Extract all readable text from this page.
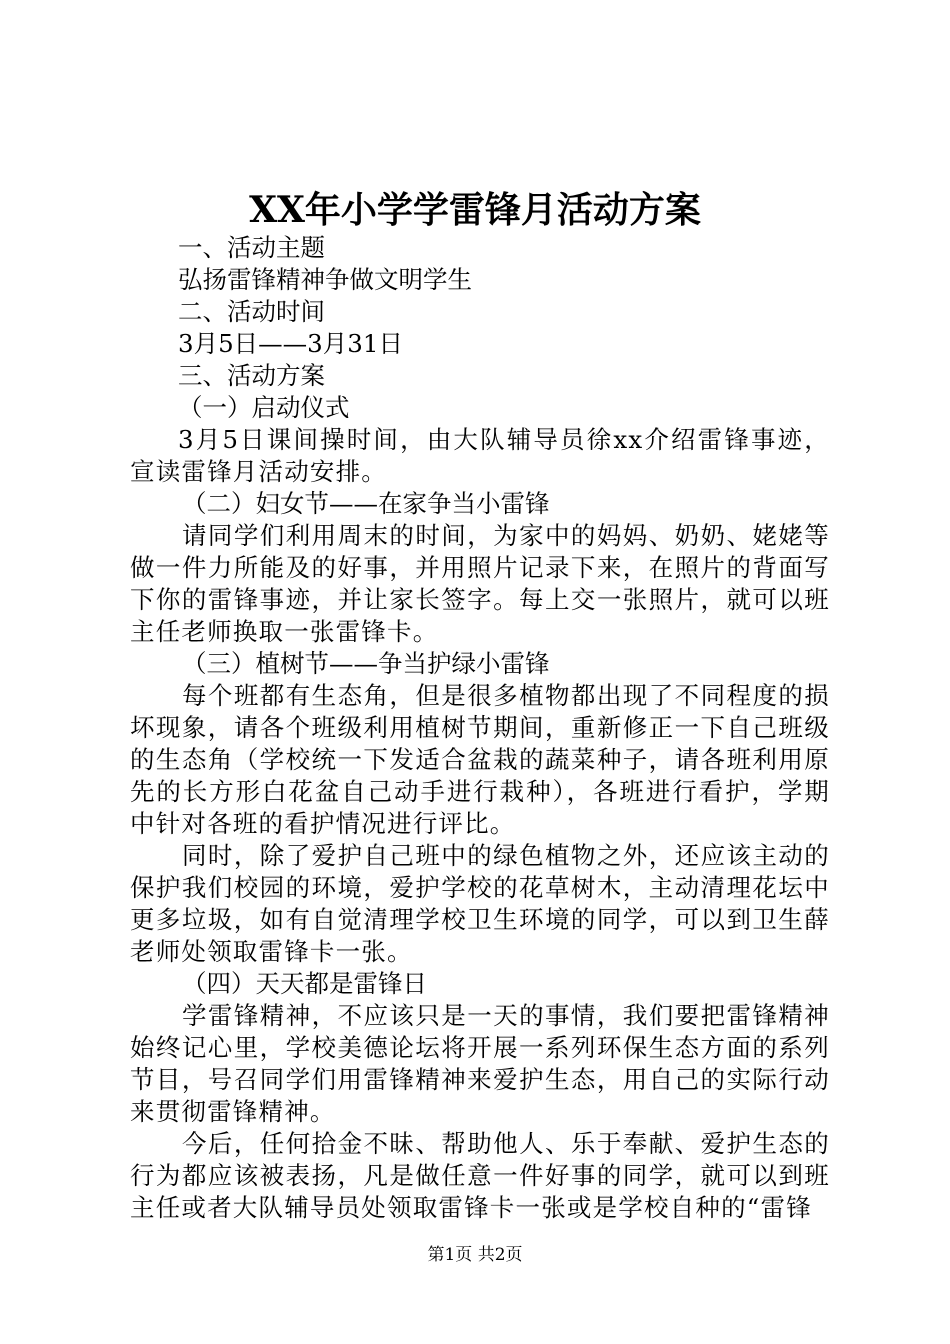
XX年小学学雷锋月活动方案

一、活动主题

弘扬雷锋精神争做文明学生

二、活动时间

3月5日——3月31日

三、活动方案

（一）启动仪式

3月5日课间操时间，由大队辅导员徐xx介绍雷锋事迹，宣读雷锋月活动安排。

（二）妇女节——在家争当小雷锋

请同学们利用周末的时间，为家中的妈妈、奶奶、姥姥等做一件力所能及的好事，并用照片记录下来，在照片的背面写下你的雷锋事迹，并让家长签字。每上交一张照片，就可以班主任老师换取一张雷锋卡。

（三）植树节——争当护绿小雷锋

每个班都有生态角，但是很多植物都出现了不同程度的损坏现象，请各个班级利用植树节期间，重新修正一下自己班级的生态角（学校统一下发适合盆栽的蔬菜种子，请各班利用原先的长方形白花盆自己动手进行栽种），各班进行看护，学期中针对各班的看护情况进行评比。

同时，除了爱护自己班中的绿色植物之外，还应该主动的保护我们校园的环境，爱护学校的花草树木，主动清理花坛中更多垃圾，如有自觉清理学校卫生环境的同学，可以到卫生薛老师处领取雷锋卡一张。

（四）天天都是雷锋日

学雷锋精神，不应该只是一天的事情，我们要把雷锋精神始终记心里，学校美德论坛将开展一系列环保生态方面的系列节目，号召同学们用雷锋精神来爱护生态，用自己的实际行动来贯彻雷锋精神。

今后，任何拾金不昧、帮助他人、乐于奉献、爱护生态的行为都应该被表扬，凡是做任意一件好事的同学，就可以到班主任或者大队辅导员处领取雷锋卡一张或是学校自种的“雷锋

第1页 共2页
